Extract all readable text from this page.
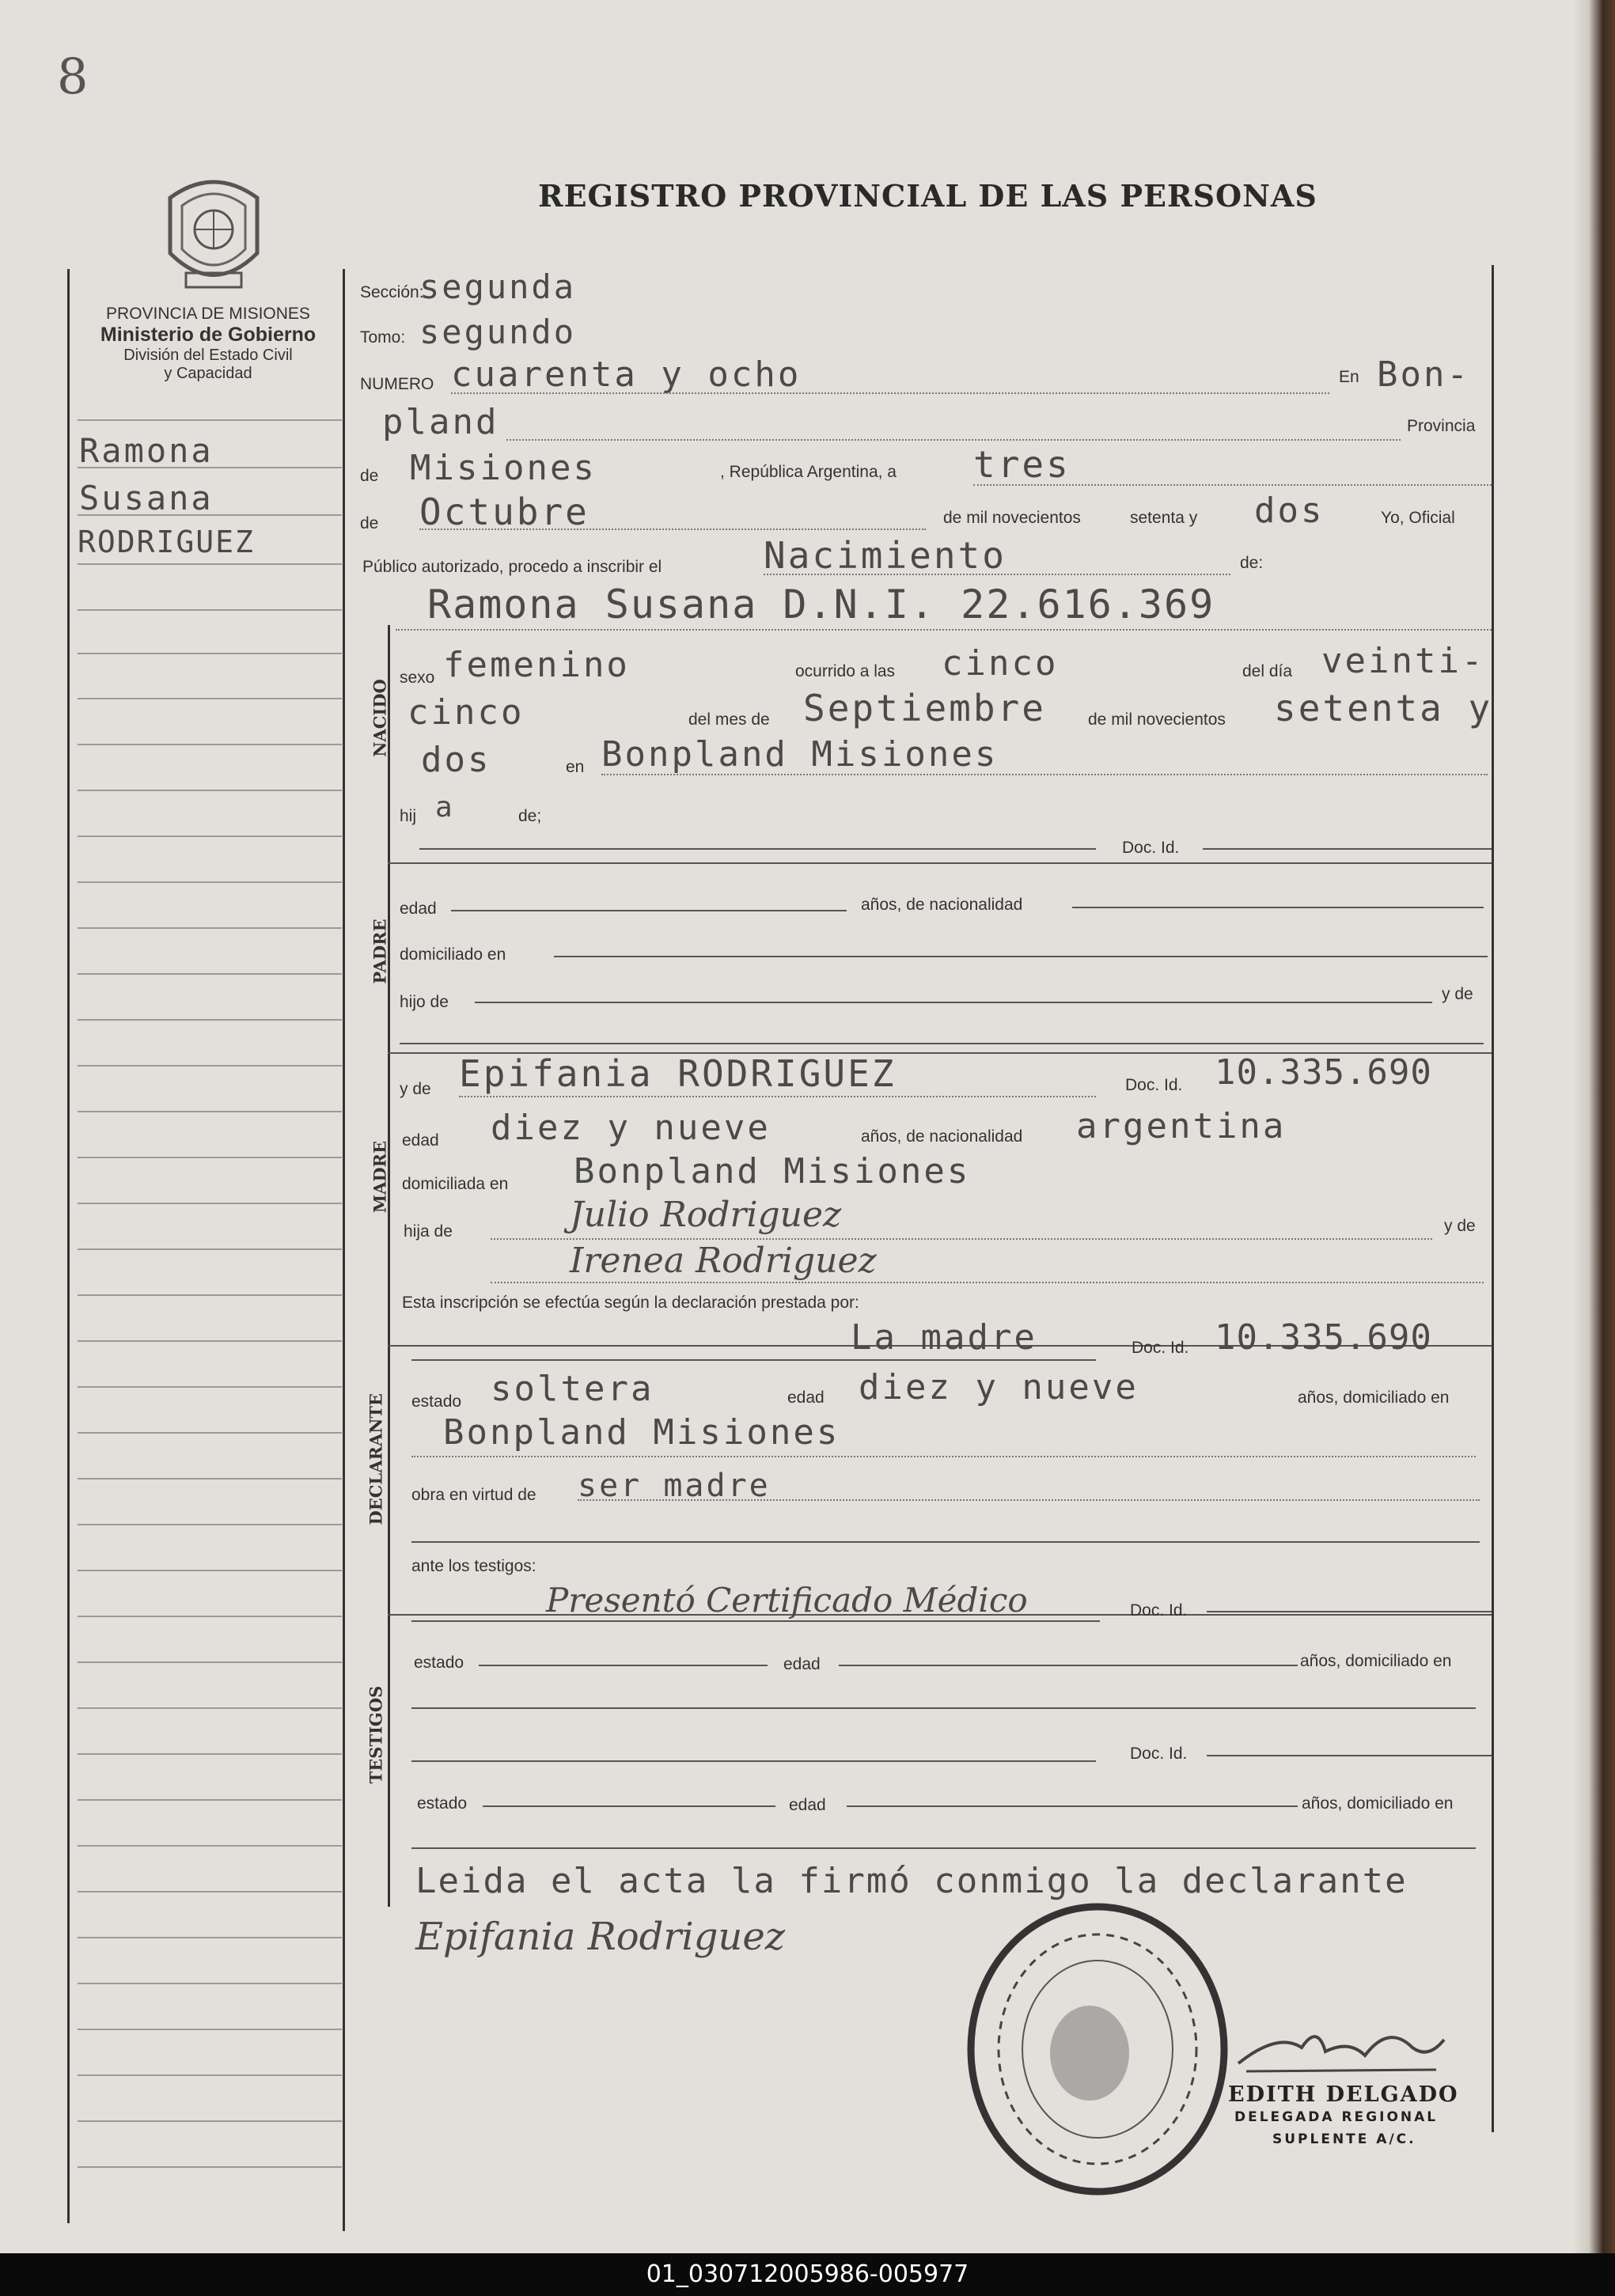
8
REGISTRO PROVINCIAL DE LAS PERSONAS
PROVINCIA DE MISIONES
Ministerio de Gobierno
División del Estado Civil
y Capacidad
Ramona
Susana
RODRIGUEZ
Sección:
segunda
Tomo: segundo
NUMERO cuarenta y ocho	En Bon-
pland	Provincia
de Misiones	, República Argentina, a tres
de Octubre	de mil novecientos	setenta y dos	Yo, Oficial
Público autorizado, procedo a inscribir el	Nacimiento	de:
NACIDO
Ramona Susana D.N.I. 22.616.369
sexo femenino	ocurrido a las cinco	del día veinti-
cinco	del mes de Septiembre	de mil novecientos setenta y
dos	en Bonpland Misiones
hij a	de;
Doc. Id.
PADRE
edad	años, de nacionalidad
domiciliado en
hijo de	y de
MADRE
y de Epifania RODRIGUEZ	Doc. Id. 10.335.690
edad diez y nueve	años, de nacionalidad argentina
domiciliada en Bonpland Misiones
hija de	Julio Rodriguez	y de
Irenea Rodriguez
Esta inscripción se efectúa según la declaración prestada por:
DECLARANTE
La madre	Doc. Id. 10.335.690
estado soltera	edad diez y nueve	años, domiciliado en
Bonpland Misiones
obra en virtud de ser madre
ante los testigos:
TESTIGOS
Presentó Certificado Médico	Doc. Id.
estado	edad	años, domiciliado en
Doc. Id.
estado	edad	años, domiciliado en
Leida el acta la firmó conmigo la declarante
Epifania Rodriguez
EDITH DELGADO
DELEGADA REGIONAL
SUPLENTE A/C.
01_030712005986-005977
